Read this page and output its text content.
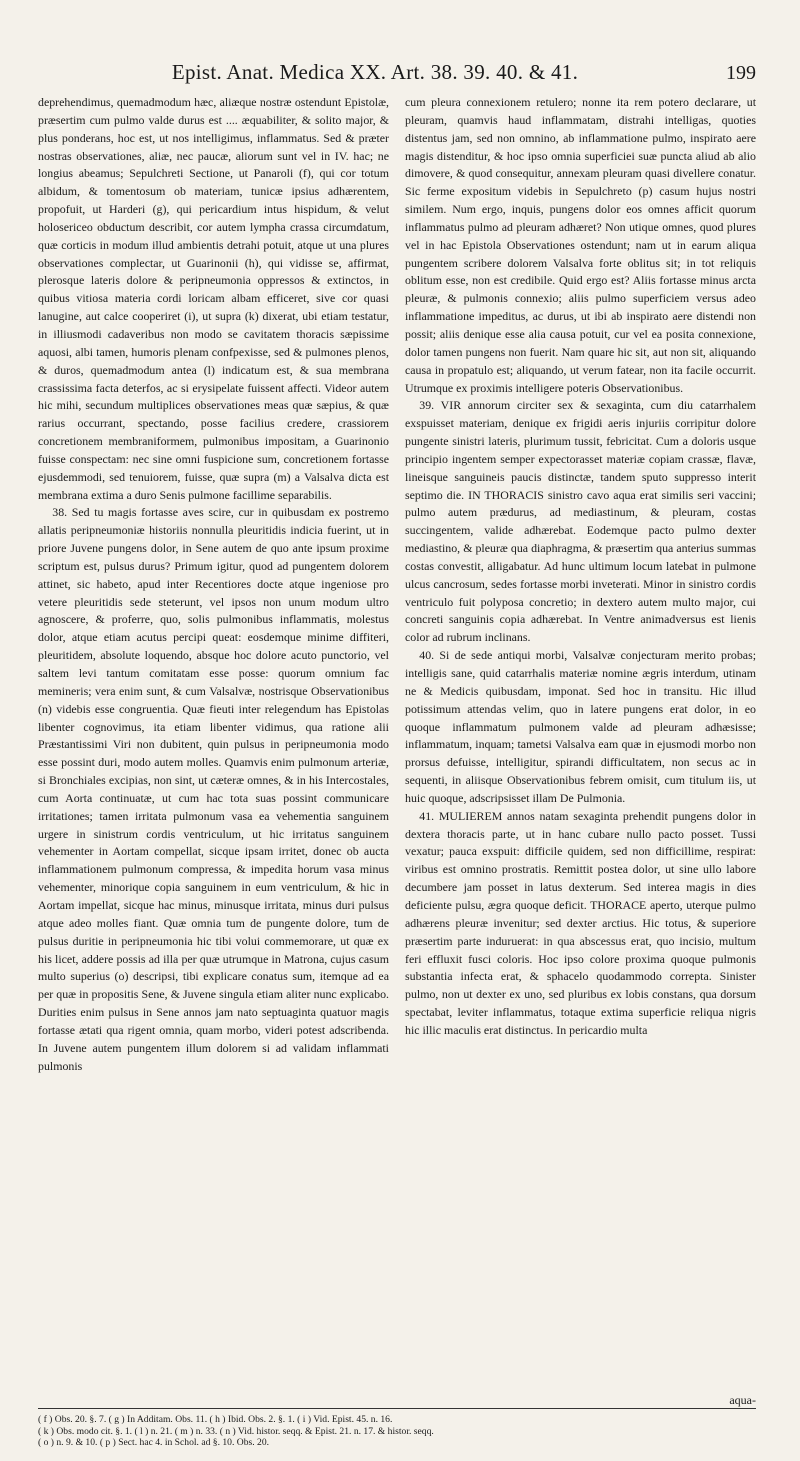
Epist. Anat. Medica XX. Art. 38. 39. 40. & 41.	199

deprehendimus, quemadmodum hæc, aliæque nostræ ostendunt Epistolæ, præsertim cum pulmo valde durus est .... æquabiliter, & solito major, & plus ponderans, hoc est, ut nos intelligimus, inflammatus. Sed & præter nostras observationes, aliæ, nec paucæ, aliorum sunt vel in IV. hac; ne longius abeamus; Sepulchreti Sectione, ut Panaroli (f), qui cor totum albidum, & tomentosum ob materiam, tunicæ ipsius adhærentem, propofuit, ut Harderi (g), qui pericardium intus hispidum, & velut holosericeo obductum describit, cor autem lympha crassa circumdatum, quæ corticis in modum illud ambientis detrahi potuit, atque ut una plures observationes complectar, ut Guarinonii (h), qui vidisse se, affirmat, plerosque lateris dolore & peripneumonia oppressos & extinctos, in quibus vitiosa materia cordi loricam albam efficeret, sive cor quasi lanugine, aut calce cooperiret (i), ut supra (k) dixerat, ubi etiam testatur, in illiusmodi cadaveribus non modo se cavitatem thoracis sæpissime aquosi, albi tamen, humoris plenam confpexisse, sed & pulmones plenos, & duros, quemadmodum antea (l) indicatum est, & sua membrana crassissima facta deterfos, ac si erysipelate fuissent affecti. Videor autem hic mihi, secundum multiplices observationes meas quæ sæpius, & quæ rarius occurrant, spectando, posse facilius credere, crassiorem concretionem membraniformem, pulmonibus impositam, a Guarinonio fuisse conspectam: nec sine omni fuspicione sum, concretionem fortasse ejusdemmodi, sed tenuiorem, fuisse, quæ supra (m) a Valsalva dicta est membrana extima a duro Senis pulmone facillime separabilis.

38. Sed tu magis fortasse aves scire, cur in quibusdam ex postremo allatis peripneumoniæ historiis nonnulla pleuritidis indicia fuerint, ut in priore Juvene pungens dolor, in Sene autem de quo ante ipsum proxime scriptum est, pulsus durus? Primum igitur, quod ad pungentem dolorem attinet, sic habeto, apud inter Recentiores docte atque ingeniose pro vetere pleuritidis sede steterunt, vel ipsos non unum modum ultro agnoscere, & proferre, quo, solis pulmonibus inflammatis, molestus dolor, atque etiam acutus percipi queat: eosdemque minime diffiteri, pleuritidem, absolute loquendo, absque hoc dolore acuto punctorio, vel saltem levi tantum comitatam esse posse: quorum omnium fac memineris; vera enim sunt, & cum Valsalvæ, nostrisque Observationibus (n) videbis esse congruentia. Quæ fieuti inter relegendum has Epistolas libenter cognovimus, ita etiam libenter vidimus, qua ratione alii Præstantissimi Viri non dubitent, quin pulsus in peripneumonia modo esse possint duri, modo autem molles. Quamvis enim pulmonum arteriæ, si Bronchiales excipias, non sint, ut cæteræ omnes, & in his Intercostales, cum Aorta continuatæ, ut cum hac tota suas possint communicare irritationes; tamen irritata pulmonum vasa ea vehementia sanguinem urgere in sinistrum cordis ventriculum, ut hic irritatus sanguinem vehementer in Aortam compellat, sicque ipsam irritet, donec ob aucta inflammationem pulmonum compressa, & impedita horum vasa minus vehementer, minorique copia sanguinem in eum ventriculum, & hic in Aortam impellat, sicque hac minus, minusque irritata, minus duri pulsus atque adeo molles fiant. Quæ omnia tum de pungente dolore, tum de pulsus duritie in peripneumonia hic tibi volui commemorare, ut quæ ex his licet, addere possis ad illa per quæ utrumque in Matrona, cujus casum multo superius (o) descripsi, tibi explicare conatus sum, itemque ad ea per quæ in propositis Sene, & Juvene singula etiam aliter nunc explicabo. Durities enim pulsus in Sene annos jam nato septuaginta quatuor magis fortasse ætati qua rigent omnia, quam morbo, videri potest adscribenda. In Juvene autem pungentem illum dolorem si ad validam inflammati pulmonis

cum pleura connexionem retulero; nonne ita rem potero declarare, ut pleuram, quamvis haud inflammatam, distrahi intelligas, quoties distentus jam, sed non omnino, ab inflammatione pulmo, inspirato aere magis distenditur, & hoc ipso omnia superficiei suæ puncta aliud ab alio dimovere, & quod consequitur, annexam pleuram quasi divellere conatur. Sic ferme expositum videbis in Sepulchreto (p) casum hujus nostri similem. Num ergo, inquis, pungens dolor eos omnes afficit quorum inflammatus pulmo ad pleuram adhæret? Non utique omnes, quod plures vel in hac Epistola Observationes ostendunt; nam ut in earum aliqua pungentem scribere dolorem Valsalva forte oblitus sit; in tot reliquis oblitum esse, non est credibile. Quid ergo est? Aliis fortasse minus arcta pleuræ, & pulmonis connexio; aliis pulmo superficiem versus adeo inflammatione impeditus, ac durus, ut ibi ab inspirato aere distendi non possit; aliis denique esse alia causa potuit, cur vel ea posita connexione, dolor tamen pungens non fuerit. Nam quare hic sit, aut non sit, aliquando causa in propatulo est; aliquando, ut verum fatear, non ita facile occurrit. Utrumque ex proximis intelligere poteris Observationibus.

39. VIR annorum circiter sex & sexaginta, cum diu catarrhalem exspuisset materiam, denique ex frigidi aeris injuriis corripitur dolore pungente sinistri lateris, plurimum tussit, febricitat. Cum a doloris usque principio ingentem semper expectorasset materiæ copiam crassæ, flavæ, lineisque sanguineis paucis distinctæ, tandem sputo suppresso interit septimo die. IN THORACIS sinistro cavo aqua erat similis seri vaccini; pulmo autem prædurus, ad mediastinum, & pleuram, costas succingentem, valide adhærebat. Eodemque pacto pulmo dexter mediastino, & pleuræ qua diaphragma, & præsertim qua anterius summas costas convestit, alligabatur. Ad hunc ultimum locum latebat in pulmone ulcus cancrosum, sedes fortasse morbi inveterati. Minor in sinistro cordis ventriculo fuit polyposa concretio; in dextero autem multo major, cui concreti sanguinis copia adhærebat. In Ventre animadversus est lienis color ad rubrum inclinans.

40. Si de sede antiqui morbi, Valsalvæ conjecturam merito probas; intelligis sane, quid catarrhalis materiæ nomine ægris interdum, utinam ne & Medicis quibusdam, imponat. Sed hoc in transitu. Hic illud potissimum attendas velim, quo in latere pungens erat dolor, in eo quoque inflammatum pulmonem valde ad pleuram adhæsisse; inflammatum, inquam; tametsi Valsalva eam quæ in ejusmodi morbo non prorsus defuisse, intelligitur, spirandi difficultatem, non secus ac in sequenti, in aliisque Observationibus febrem omisit, cum titulum iis, ut huic quoque, adscripsisset illam De Pulmonia.

41. MULIEREM annos natam sexaginta prehendit pungens dolor in dextera thoracis parte, ut in hanc cubare nullo pacto posset. Tussi vexatur; pauca exspuit: difficile quidem, sed non difficillime, respirat: viribus est omnino prostratis. Remittit postea dolor, ut sine ullo labore decumbere jam posset in latus dexterum. Sed interea magis in dies deficiente pulsu, ægra quoque deficit. THORACE aperto, uterque pulmo adhærens pleuræ invenitur; sed dexter arctius. Hic totus, & superiore præsertim parte induruerat: in qua abscessus erat, quo incisio, multum feri effluxit fusci coloris. Hoc ipso colore proxima quoque pulmonis substantia infecta erat, & sphacelo quodammodo correpta. Sinister pulmo, non ut dexter ex uno, sed pluribus ex lobis constans, qua dorsum spectabat, leviter inflammatus, totaque extima superficie reliqua nigris hic illic maculis erat distinctus. In pericardio multa

aqua-
( f ) Obs. 20. §. 7. ( g ) In Additam. Obs. 11. ( h ) Ibid. Obs. 2. §. 1. ( i ) Vid. Epist. 45. n. 16.
( k ) Obs. modo cit. §. 1. ( l ) n. 21. ( m ) n. 33. ( n ) Vid. histor. seqq. & Epist. 21. n. 17. & histor. seqq.
( o ) n. 9. & 10. ( p ) Sect. hac 4. in Schol. ad §. 10. Obs. 20.
